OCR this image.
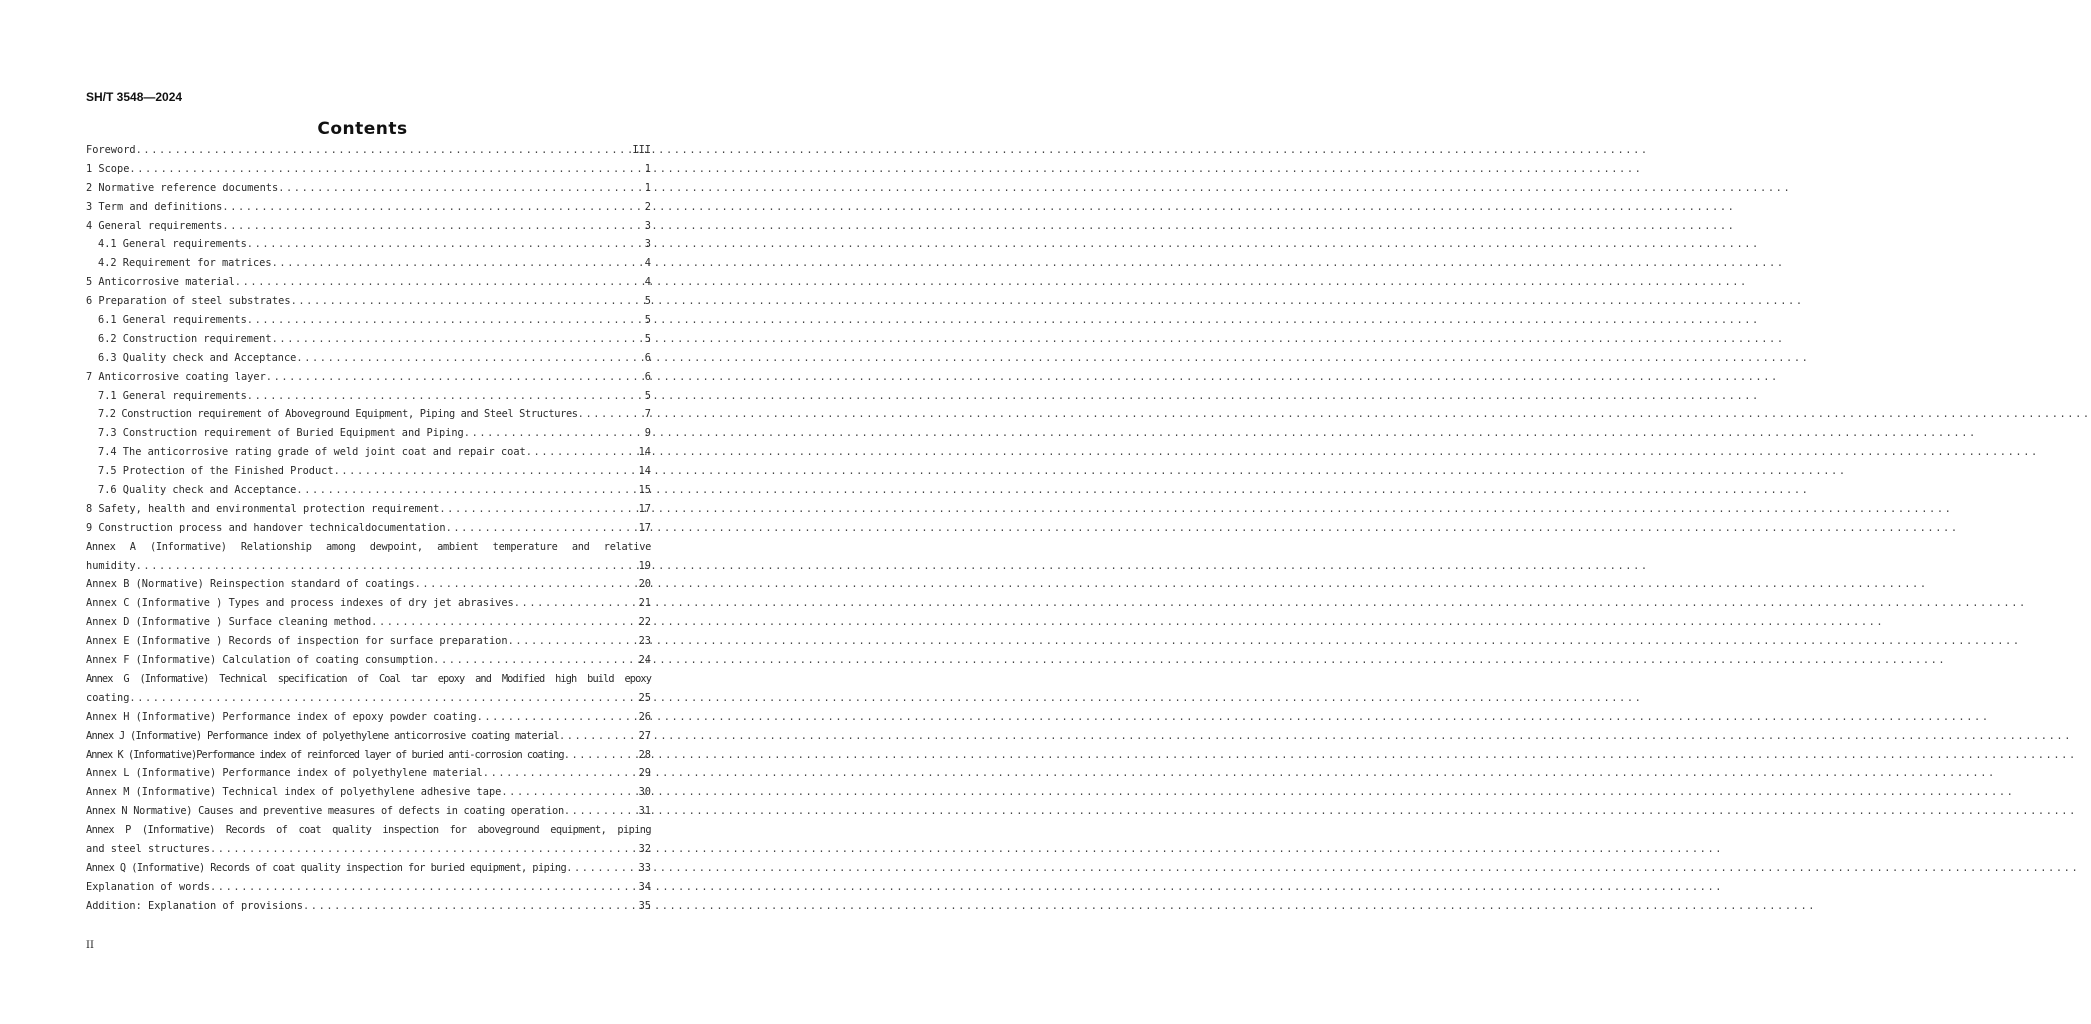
SH/T 3548—2024
Contents
Foreword .....	III
1 Scope .....	1
2 Normative reference documents .....	1
3 Term and definitions .....	2
4 General requirements .....	3
4.1 General requirements .....	3
4.2 Requirement for matrices .....	4
5 Anticorrosive material .....	4
6 Preparation of steel substrates .....	5
6.1 General requirements .....	5
6.2 Construction requirement .....	5
6.3 Quality check and Acceptance .....	6
7 Anticorrosive coating layer .....	6
7.1 General requirements .....	5
7.2 Construction requirement of Aboveground Equipment, Piping and Steel Structures .....	7
7.3 Construction requirement of Buried Equipment and Piping .....	9
7.4 The anticorrosive rating grade of weld joint coat and repair coat .....	14
7.5 Protection of the Finished Product .....	14
7.6 Quality check and Acceptance .....	15
8 Safety, health and environmental protection requirement .....	17
9 Construction process and handover technicaldocumentation .....	17
Annex A (Informative) Relationship among dewpoint, ambient temperature and relative
humidity .....	19
Annex B (Normative) Reinspection standard of coatings .....	20
Annex C (Informative ) Types and process indexes of dry jet abrasives .....	21
Annex D (Informative ) Surface cleaning method .....	22
Annex E (Informative ) Records of inspection for surface preparation .....	23
Annex F (Informative) Calculation of coating consumption .....	24
Annex G (Informative) Technical specification of Coal tar epoxy and Modified high build epoxy
coating .....	25
Annex H (Informative) Performance index of epoxy powder coating .....	26
Annex J (Informative) Performance index of polyethylene anticorrosive coating material .....	27
Annex K (Informative)Performance index of reinforced layer of buried anti-corrosion coating .....	28
Annex L (Informative) Performance index of polyethylene material .....	29
Annex M (Informative) Technical index of polyethylene adhesive tape .....	30
Annex N Normative) Causes and preventive measures of defects in coating operation .....	31
Annex P (Informative) Records of coat quality inspection for aboveground equipment, piping
and steel structures .....	32
Annex Q (Informative) Records of coat quality inspection for buried equipment, piping .....	33
Explanation of words .....	34
Addition: Explanation of provisions .....	35
II
